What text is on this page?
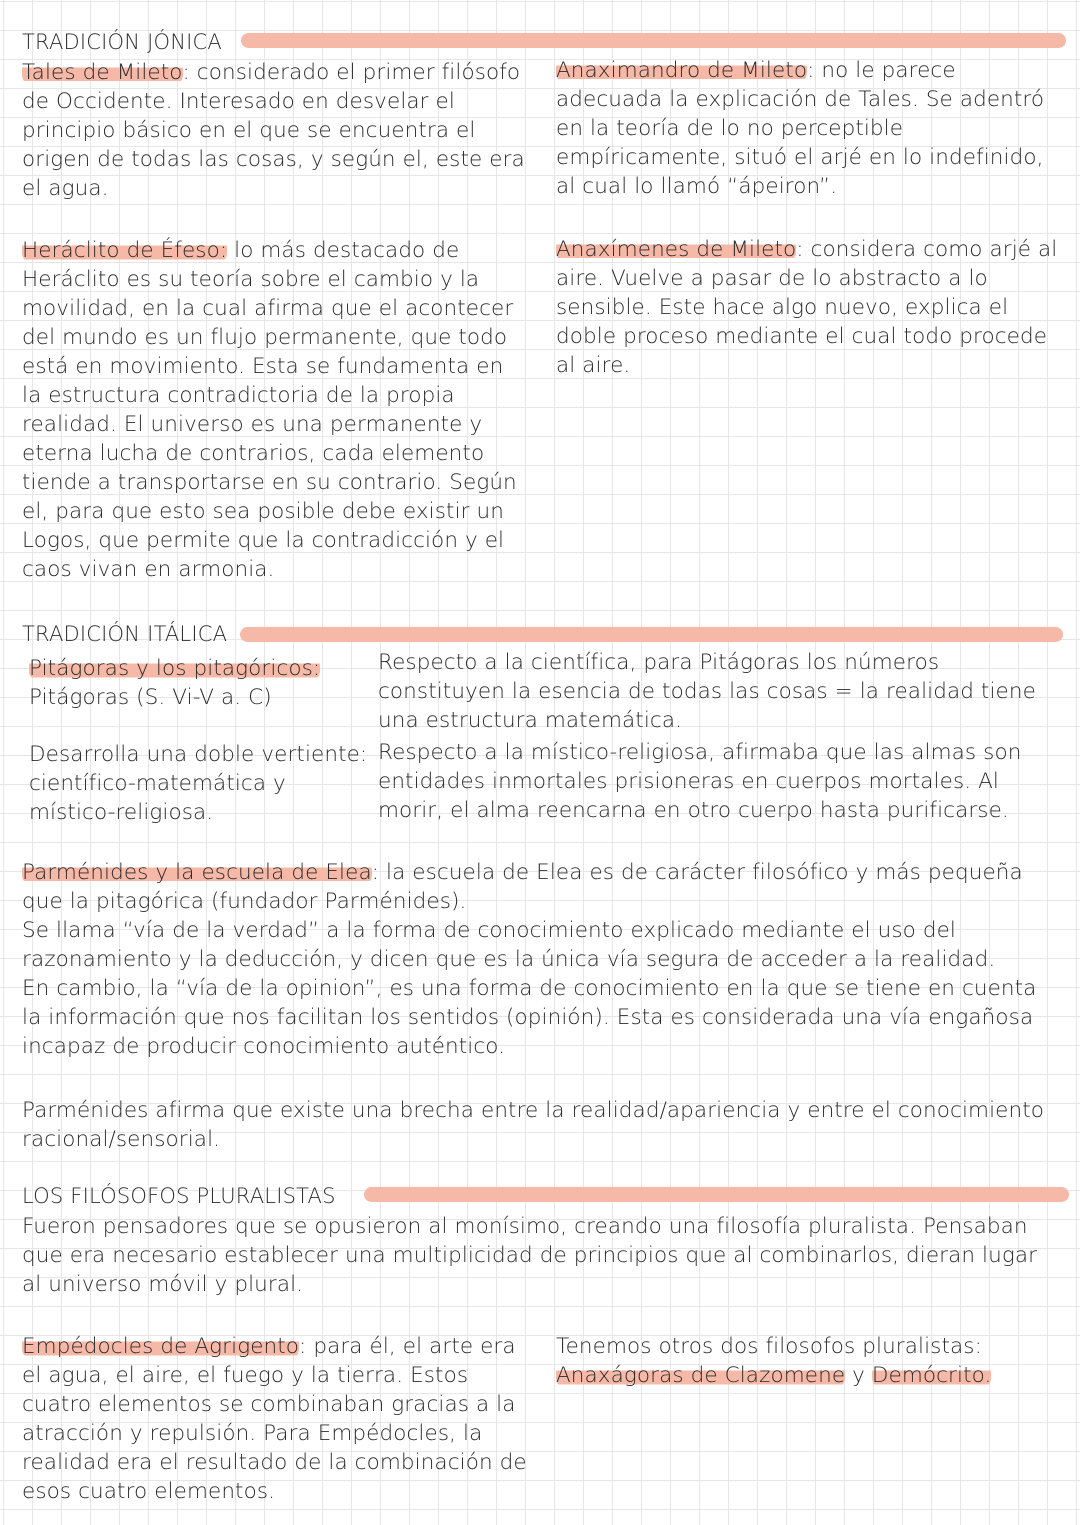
TRADICIÓN JÓNICA
Tales de Mileto: considerado el primer filósofo de Occidente. Interesado en desvelar el principio básico en el que se encuentra el origen de todas las cosas, y según el, este era el agua.
Anaximandro de Mileto: no le parece adecuada la explicación de Tales. Se adentró en la teoría de lo no perceptible empíricamente, situó el arjé en lo indefinido, al cual lo llamó “ápeiron”.
Heráclito de Éfeso: lo más destacado de Heráclito es su teoría sobre el cambio y la movilidad, en la cual afirma que el acontecer del mundo es un flujo permanente, que todo está en movimiento. Esta se fundamenta en la estructura contradictoria de la propia realidad. El universo es una permanente y eterna lucha de contrarios, cada elemento tiende a transportarse en su contrario. Según el, para que esto sea posible debe existir un Logos, que permite que la contradicción y el caos vivan en armonia.
Anaxímenes de Mileto: considera como arjé al aire. Vuelve a pasar de lo abstracto a lo sensible. Este hace algo nuevo, explica el doble proceso mediante el cual todo procede al aire.
TRADICIÓN ITÁLICA

Pitágoras y los pitagóricos:

Pitágoras (S. Vi-V a. C)

Desarrolla una doble vertiente: científico-matemática y místico-religiosa.
Respecto a la científica, para Pitágoras los números constituyen la esencia de todas las cosas = la realidad tiene una estructura matemática.
Respecto a la místico-religiosa, afirmaba que las almas son entidades inmortales prisioneras en cuerpos mortales. Al morir, el alma reencarna en otro cuerpo hasta purificarse.

Parménides y la escuela de Elea: la escuela de Elea es de carácter filosófico y más pequeña que la pitagórica (fundador Parménides).

Se llama “vía de la verdad” a la forma de conocimiento explicado mediante el uso del razonamiento y la deducción, y dicen que es la única vía segura de acceder a la realidad.

En cambio, la “vía de la opinion”, es una forma de conocimiento en la que se tiene en cuenta la información que nos facilitan los sentidos (opinión). Esta es considerada una vía engañosa incapaz de producir conocimiento auténtico.

Parménides afirma que existe una brecha entre la realidad/apariencia y entre el conocimiento racional/sensorial.
LOS FILÓSOFOS PLURALISTAS
Fueron pensadores que se opusieron al monísimo, creando una filosofía pluralista. Pensaban que era necesario establecer una multiplicidad de principios que al combinarlos, dieran lugar al universo móvil y plural.
Empédocles de Agrigento: para él, el arte era el agua, el aire, el fuego y la tierra. Estos cuatro elementos se combinaban gracias a la atracción y repulsión. Para Empédocles, la realidad era el resultado de la combinación de esos cuatro elementos.

Tenemos otros dos filosofos pluralistas:

Anaxágoras de Clazomene y Demócrito.
